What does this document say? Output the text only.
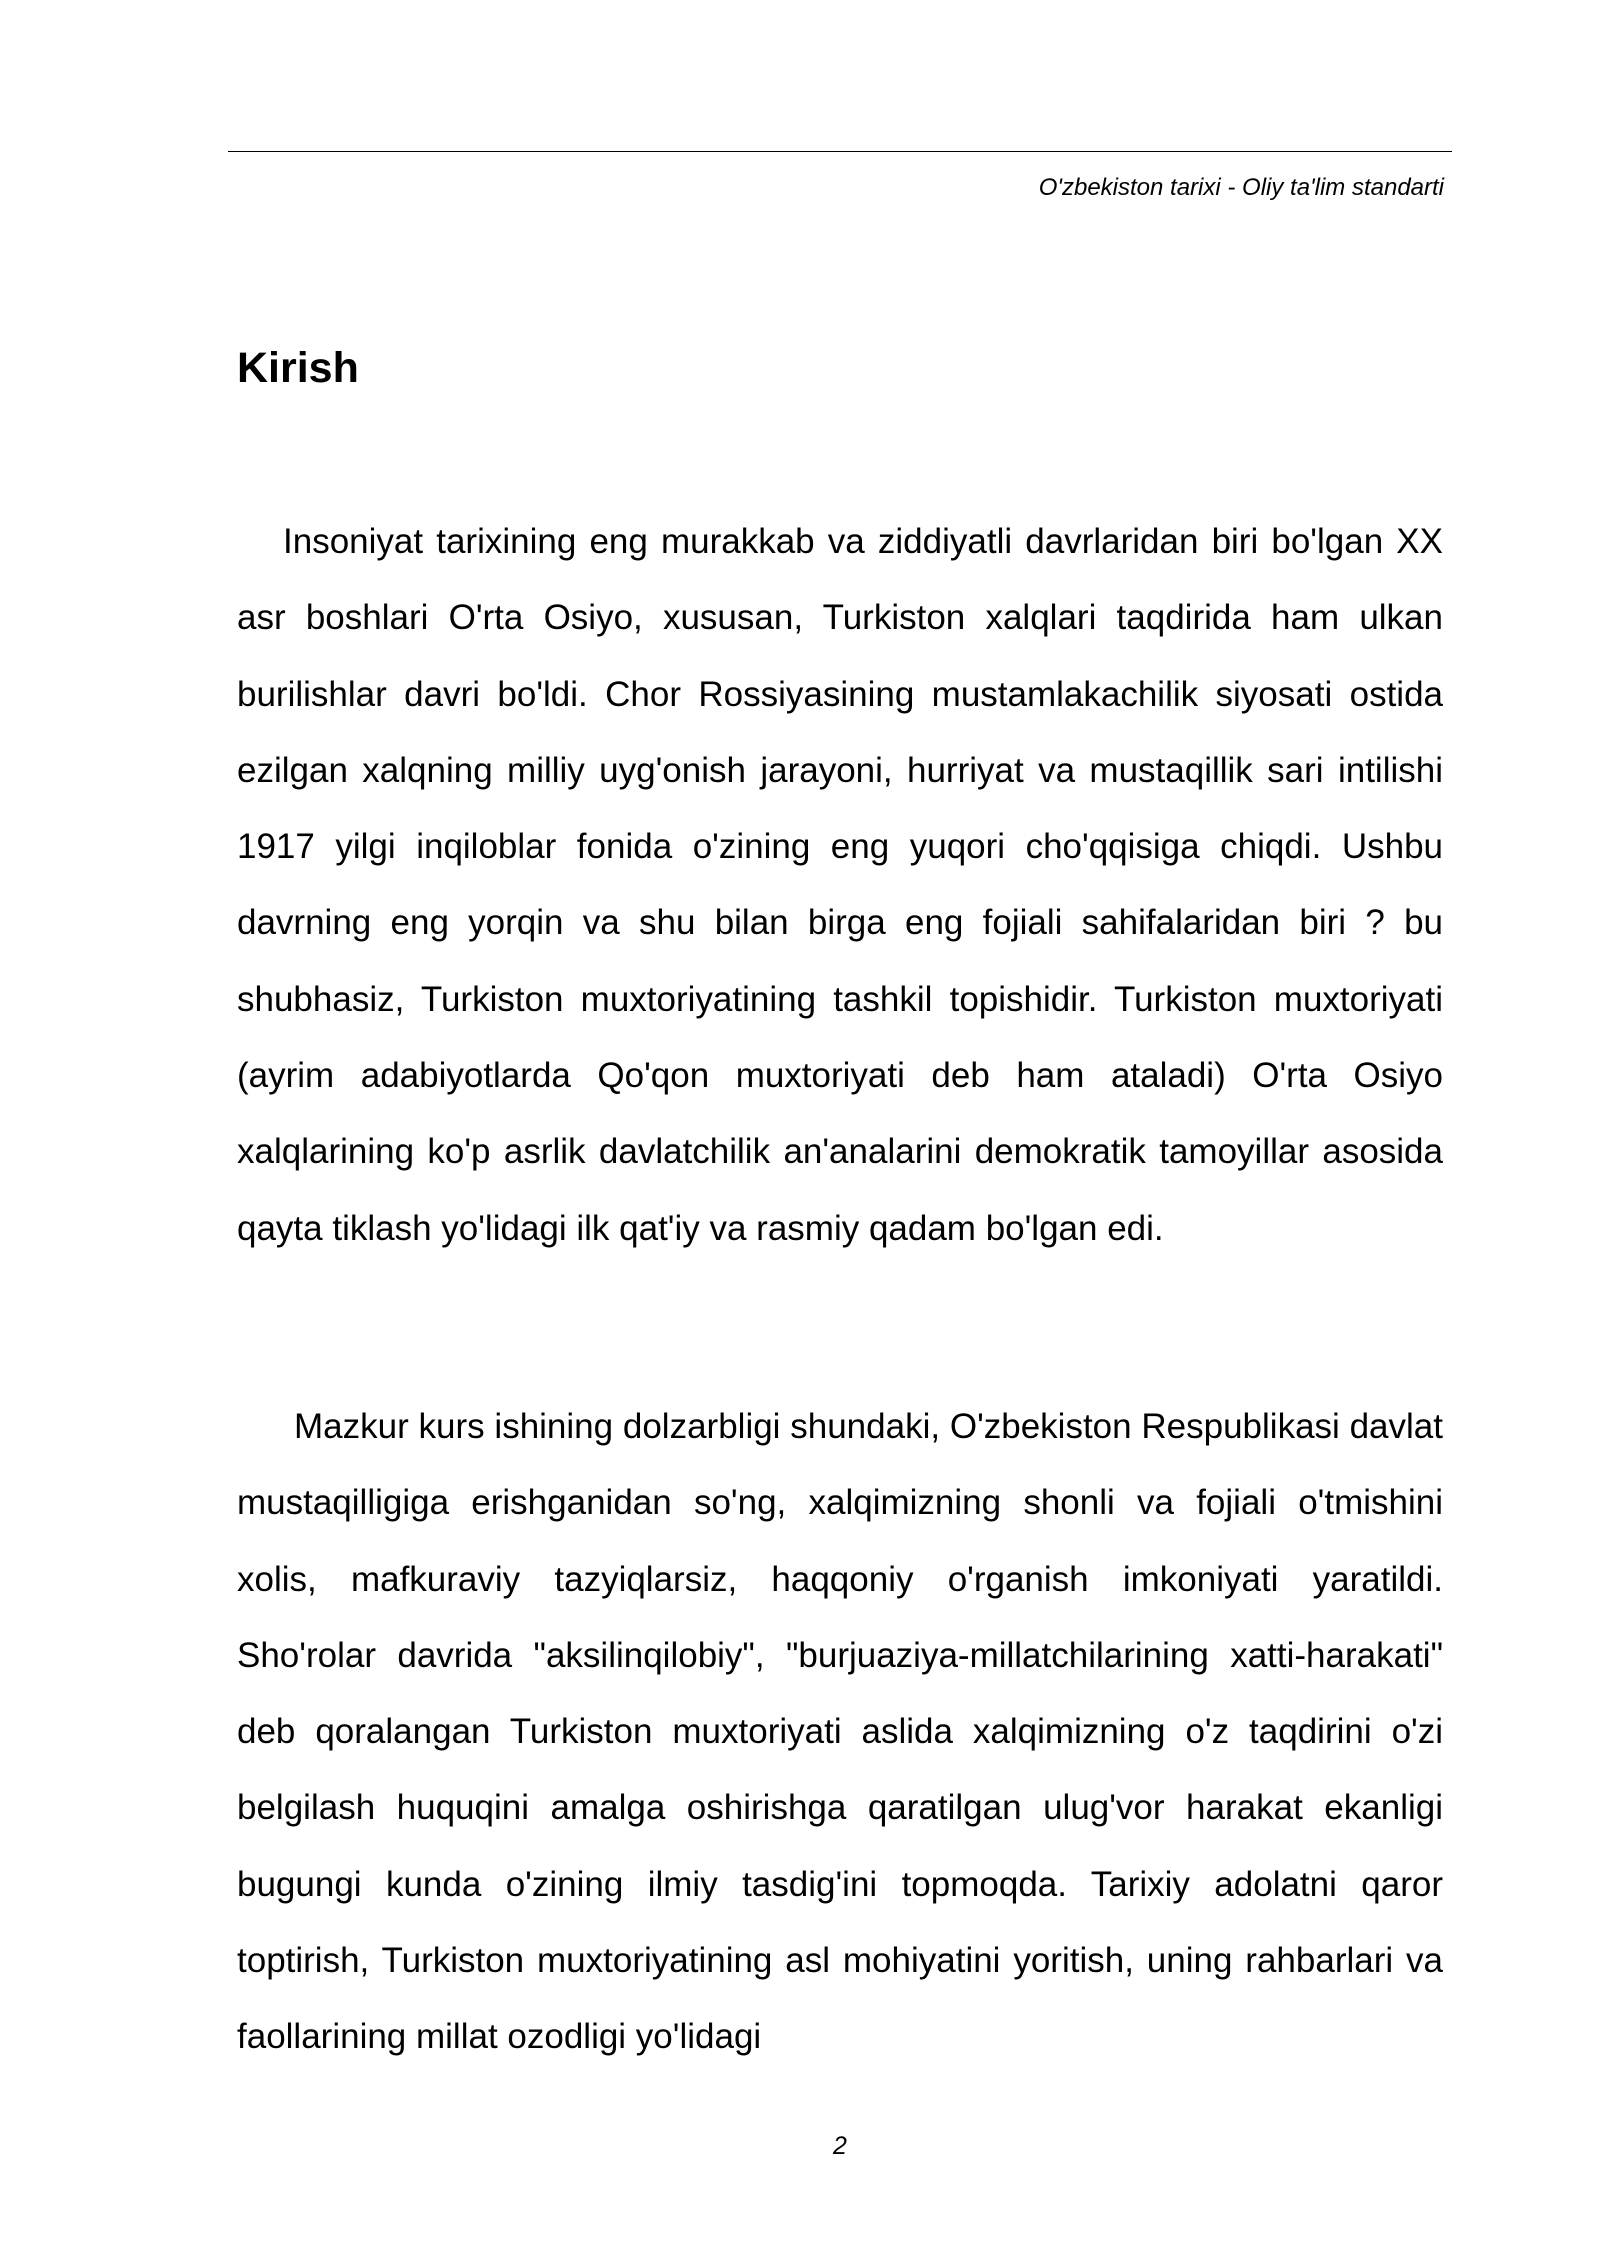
O'zbekiston tarixi - Oliy ta'lim standarti
Kirish

Insoniyat tarixining eng murakkab va ziddiyatli davrlaridan biri bo'lgan XX asr boshlari O'rta Osiyo, xususan, Turkiston xalqlari taqdirida ham ulkan burilishlar davri bo'ldi. Chor Rossiyasining mustamlakachilik siyosati ostida ezilgan xalqning milliy uyg'onish jarayoni, hurriyat va mustaqillik sari intilishi 1917 yilgi inqiloblar fonida o'zining eng yuqori cho'qqisiga chiqdi. Ushbu davrning eng yorqin va shu bilan birga eng fojiali sahifalaridan biri ? bu shubhasiz, Turkiston muxtoriyatining tashkil topishidir. Turkiston muxtoriyati (ayrim adabiyotlarda Qo'qon muxtoriyati deb ham ataladi) O'rta Osiyo xalqlarining ko'p asrlik davlatchilik an'analarini demokratik tamoyillar asosida qayta tiklash yo'lidagi ilk qat'iy va rasmiy qadam bo'lgan edi.

Mazkur kurs ishining dolzarbligi shundaki, O'zbekiston Respublikasi davlat mustaqilligiga erishganidan so'ng, xalqimizning shonli va fojiali o'tmishini xolis, mafkuraviy tazyiqlarsiz, haqqoniy o'rganish imkoniyati yaratildi. Sho'rolar davrida "aksilinqilobiy", "burjuaziya-millatchilarining xatti-harakati" deb qoralangan Turkiston muxtoriyati aslida xalqimizning o'z taqdirini o'zi belgilash huquqini amalga oshirishga qaratilgan ulug'vor harakat ekanligi bugungi kunda o'zining ilmiy tasdig'ini topmoqda. Tarixiy adolatni qaror toptirish, Turkiston muxtoriyatining asl mohiyatini yoritish, uning rahbarlari va faollarining millat ozodligi yo'lidagi

2
